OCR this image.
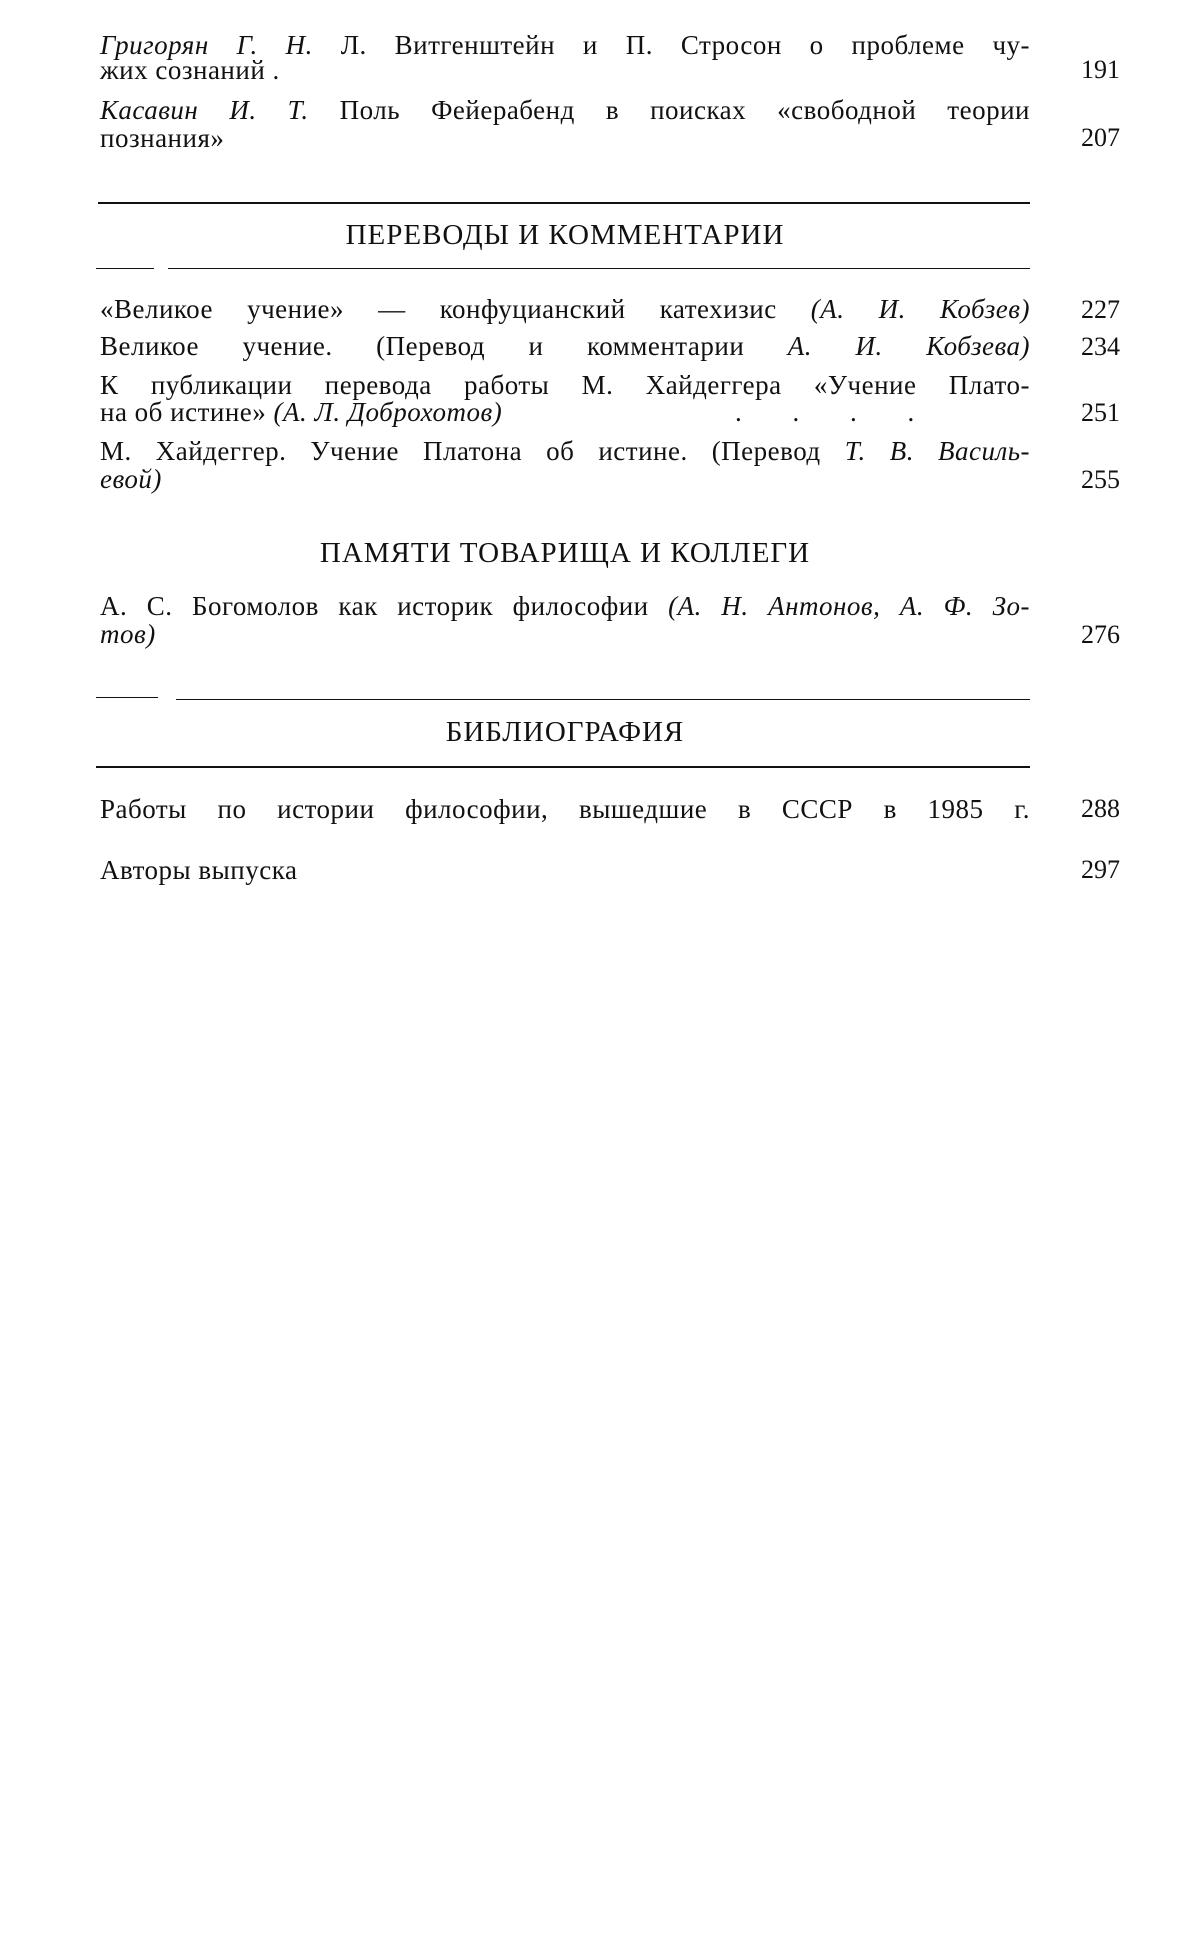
Григорян Г. Н. Л. Витгенштейн и П. Стросон о проблеме чу-
жих сознаний .	191
Касавин И. Т. Поль Фейерабенд в поисках «свободной теории
познания»	207
ПЕРЕВОДЫ И КОММЕНТАРИИ
«Великое учение» — конфуцианский катехизис (А. И. Кобзев)	227
Великое учение. (Перевод и комментарии А. И. Кобзева)	234
К публикации перевода работы М. Хайдеггера «Учение Плато-
на об истине» (А. Л. Доброхотов)	. . . .	251
М. Хайдеггер. Учение Платона об истине. (Перевод Т. В. Василь-
евой)	255
ПАМЯТИ ТОВАРИЩА И КОЛЛЕГИ
А. С. Богомолов как историк философии (А. Н. Антонов, А. Ф. Зо-
тов)	276
БИБЛИОГРАФИЯ
Работы по истории философии, вышедшие в СССР в 1985 г.	288
Авторы выпуска	297
